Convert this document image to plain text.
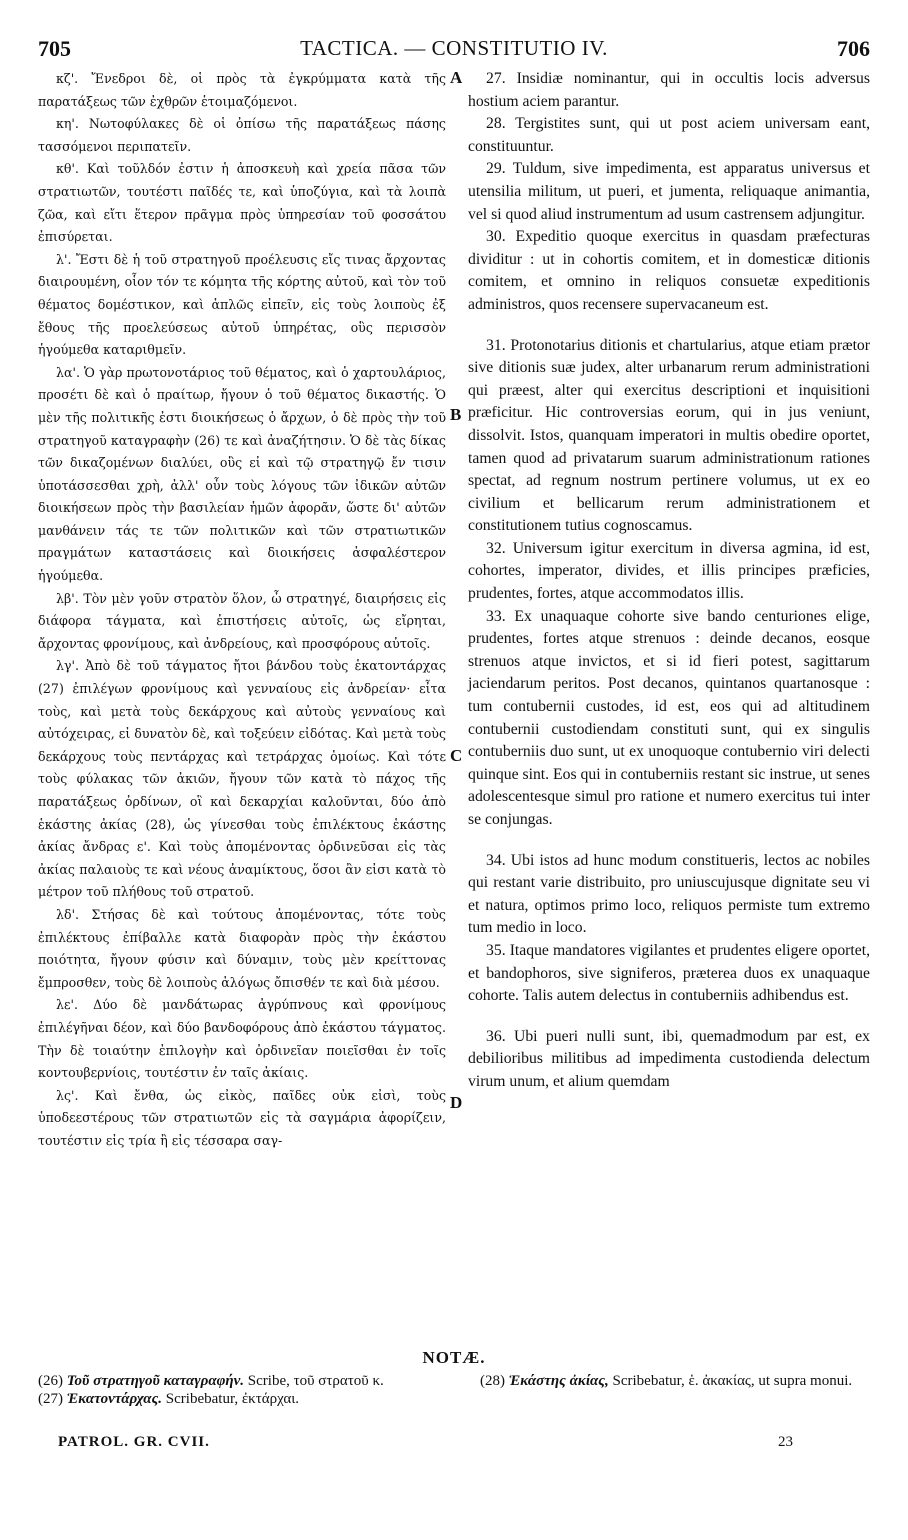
705	TACTICA. — CONSTITUTIO IV.	706

κζ'. Ἔνεδροι δὲ, οἱ πρὸς τὰ ἐγκρύμματα κατὰ τῆς παρατάξεως τῶν ἐχθρῶν ἑτοιμαζόμενοι.

κη'. Νωτοφύλακες δὲ οἱ ὀπίσω τῆς παρατάξεως πάσης τασσόμενοι περιπατεῖν.

κθ'. Καὶ τοῦλδόν ἐστιν ἡ ἀποσκευὴ καὶ χρεία πᾶσα τῶν στρατιωτῶν, τουτέστι παῖδές τε, καὶ ὑποζύγια, καὶ τὰ λοιπὰ ζῶα, καὶ εἴτι ἕτερον πρᾶγμα πρὸς ὑπηρεσίαν τοῦ φοσσάτου ἐπισύρεται.

λ'. Ἔστι δὲ ἡ τοῦ στρατηγοῦ προέλευσις εἴς τινας ἄρχοντας διαιρουμένη, οἷον τόν τε κόμητα τῆς κόρτης αὐτοῦ, καὶ τὸν τοῦ θέματος δομέστικον, καὶ ἁπλῶς εἰπεῖν, εἰς τοὺς λοιποὺς ἐξ ἔθους τῆς προελεύσεως αὐτοῦ ὑπηρέτας, οὓς περισσὸν ἡγούμεθα καταριθμεῖν.

λα'. Ὁ γὰρ πρωτονοτάριος τοῦ θέματος, καὶ ὁ χαρτουλάριος, προσέτι δὲ καὶ ὁ πραίτωρ, ἤγουν ὁ τοῦ θέματος δικαστής. Ὁ μὲν τῆς πολιτικῆς ἐστι διοικήσεως ὁ ἄρχων, ὁ δὲ πρὸς τὴν τοῦ στρατηγοῦ καταγραφὴν (26) τε καὶ ἀναζήτησιν. Ὁ δὲ τὰς δίκας τῶν δικαζομένων διαλύει, οὓς εἰ καὶ τῷ στρατηγῷ ἔν τισιν ὑποτάσσεσθαι χρὴ, ἀλλ' οὖν τοὺς λόγους τῶν ἰδικῶν αὐτῶν διοικήσεων πρὸς τὴν βασιλείαν ἡμῶν ἀφορᾶν, ὥστε δι' αὐτῶν μανθάνειν τάς τε τῶν πολιτικῶν καὶ τῶν στρατιωτικῶν πραγμάτων καταστάσεις καὶ διοικήσεις ἀσφαλέστερον ἡγούμεθα.

λβ'. Τὸν μὲν γοῦν στρατὸν ὅλον, ὦ στρατηγέ, διαιρήσεις εἰς διάφορα τάγματα, καὶ ἐπιστήσεις αὐτοῖς, ὡς εἴρηται, ἄρχοντας φρονίμους, καὶ ἀνδρείους, καὶ προσφόρους αὐτοῖς.

λγ'. Ἀπὸ δὲ τοῦ τάγματος ἤτοι βάνδου τοὺς ἑκατοντάρχας (27) ἐπιλέγων φρονίμους καὶ γενναίους εἰς ἀνδρείαν· εἶτα τοὺς, καὶ μετὰ τοὺς δεκάρχους καὶ αὐτοὺς γενναίους καὶ αὐτόχειρας, εἰ δυνατὸν δὲ, καὶ τοξεύειν εἰδότας. Καὶ μετὰ τοὺς δεκάρχους τοὺς πεντάρχας καὶ τετράρχας ὁμοίως. Καὶ τότε τοὺς φύλακας τῶν ἀκιῶν, ἤγουν τῶν κατὰ τὸ πάχος τῆς παρατάξεως ὀρδίνων, οἳ καὶ δεκαρχίαι καλοῦνται, δύο ἀπὸ ἑκάστης ἀκίας (28), ὡς γίνεσθαι τοὺς ἐπιλέκτους ἑκάστης ἀκίας ἄνδρας ε'. Καὶ τοὺς ἀπομένοντας ὀρδινεῦσαι εἰς τὰς ἀκίας παλαιοὺς τε καὶ νέους ἀναμίκτους, ὅσοι ἂν εἰσι κατὰ τὸ μέτρον τοῦ πλήθους τοῦ στρατοῦ.

λδ'. Στήσας δὲ καὶ τούτους ἀπομένοντας, τότε τοὺς ἐπιλέκτους ἐπίβαλλε κατὰ διαφορὰν πρὸς τὴν ἑκάστου ποιότητα, ἤγουν φύσιν καὶ δύναμιν, τοὺς μὲν κρείττονας ἔμπροσθεν, τοὺς δὲ λοιποὺς ἀλόγως ὄπισθέν τε καὶ διὰ μέσου.

λε'. Δύο δὲ μανδάτωρας ἀγρύπνους καὶ φρονίμους ἐπιλέγῆναι δέον, καὶ δύο βανδοφόρους ἀπὸ ἑκάστου τάγματος. Τὴν δὲ τοιαύτην ἐπιλογὴν καὶ ὀρδινεῖαν ποιεῖσθαι ἐν τοῖς κοντουβερνίοις, τουτέστιν ἐν ταῖς ἀκίαις.

λς'. Καὶ ἔνθα, ὡς εἰκὸς, παῖδες οὐκ εἰσὶ, τοὺς ὑποδεεστέρους τῶν στρατιωτῶν εἰς τὰ σαγμάρια ἀφορίζειν, τουτέστιν εἰς τρία ἢ εἰς τέσσαρα σαγ-

A
B
C
D

27. Insidiæ nominantur, qui in occultis locis adversus hostium aciem parantur.

28. Tergistites sunt, qui ut post aciem universam eant, constituuntur.

29. Tuldum, sive impedimenta, est apparatus universus et utensilia militum, ut pueri, et jumenta, reliquaque animantia, vel si quod aliud instrumentum ad usum castrensem adjungitur.

30. Expeditio quoque exercitus in quasdam præfecturas dividitur : ut in cohortis comitem, et in domesticæ ditionis comitem, et omnino in reliquos consuetæ expeditionis administros, quos recensere supervacaneum est.

31. Protonotarius ditionis et chartularius, atque etiam prætor sive ditionis suæ judex, alter urbanarum rerum administrationi qui præest, alter qui exercitus descriptioni et inquisitioni præficitur. Hic controversias eorum, qui in jus veniunt, dissolvit. Istos, quanquam imperatori in multis obedire oportet, tamen quod ad privatarum suarum administrationum rationes spectat, ad regnum nostrum pertinere volumus, ut ex eo civilium et bellicarum rerum administrationem et constitutionem tutius cognoscamus.

32. Universum igitur exercitum in diversa agmina, id est, cohortes, imperator, divides, et illis principes præficies, prudentes, fortes, atque accommodatos illis.

33. Ex unaquaque cohorte sive bando centuriones elige, prudentes, fortes atque strenuos : deinde decanos, eosque strenuos atque invictos, et si id fieri potest, sagittarum jaciendarum peritos. Post decanos, quintanos quartanosque : tum contubernii custodes, id est, eos qui ad altitudinem contubernii custodiendam constituti sunt, qui ex singulis contuberniis duo sunt, ut ex unoquoque contubernio viri delecti quinque sint. Eos qui in contuberniis restant sic instrue, ut senes adolescentesque simul pro ratione et numero exercitus tui inter se conjungas.

34. Ubi istos ad hunc modum constitueris, lectos ac nobiles qui restant varie distribuito, pro uniuscujusque dignitate seu vi et natura, optimos primo loco, reliquos permiste tum extremo tum medio in loco.

35. Itaque mandatores vigilantes et prudentes eligere oportet, et bandophoros, sive signiferos, præterea duos ex unaquaque cohorte. Talis autem delectus in contuberniis adhibendus est.

36. Ubi pueri nulli sunt, ibi, quemadmodum par est, ex debilioribus militibus ad impedimenta custodienda delectum virum unum, et alium quemdam

NOTÆ.

(26) Τοῦ στρατηγοῦ καταγραφήν. Scribe, τοῦ στρατοῦ κ.

(27) Ἑκατοντάρχας. Scribebatur, ἐκτάρχαι.

(28) Ἑκάστης ἀκίας, Scribebatur, ἑ. ἀκακίας, ut supra monui.

PATROL. GR. CVII.	23
